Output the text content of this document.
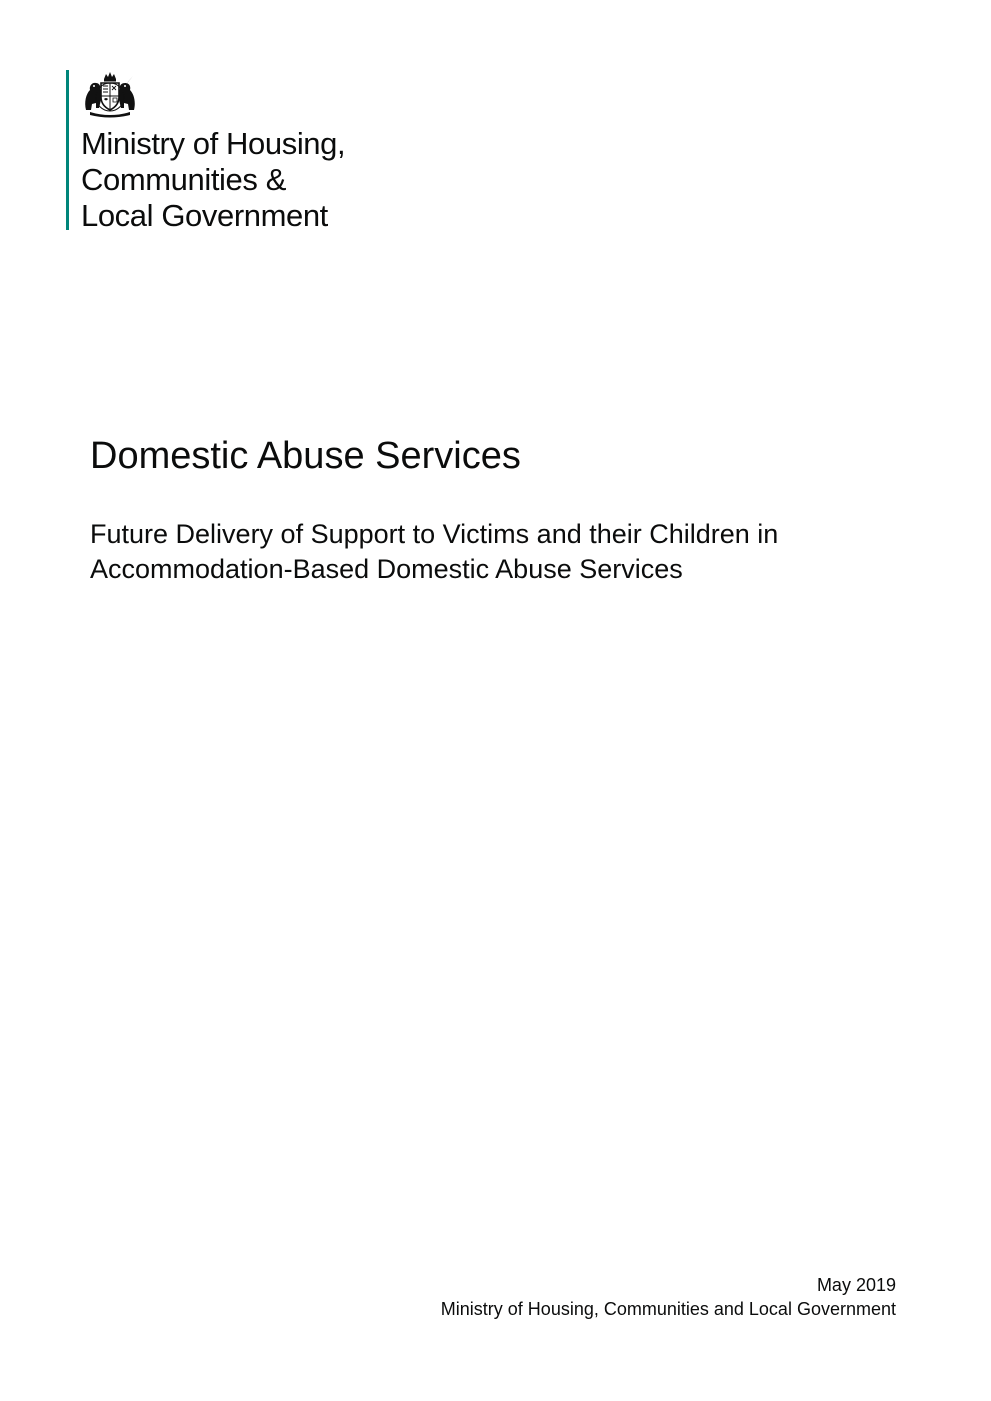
Ministry of Housing,
Communities &
Local Government
Domestic Abuse Services

Future Delivery of Support to Victims and their Children in Accommodation-Based Domestic Abuse Services

May 2019
Ministry of Housing, Communities and Local Government
